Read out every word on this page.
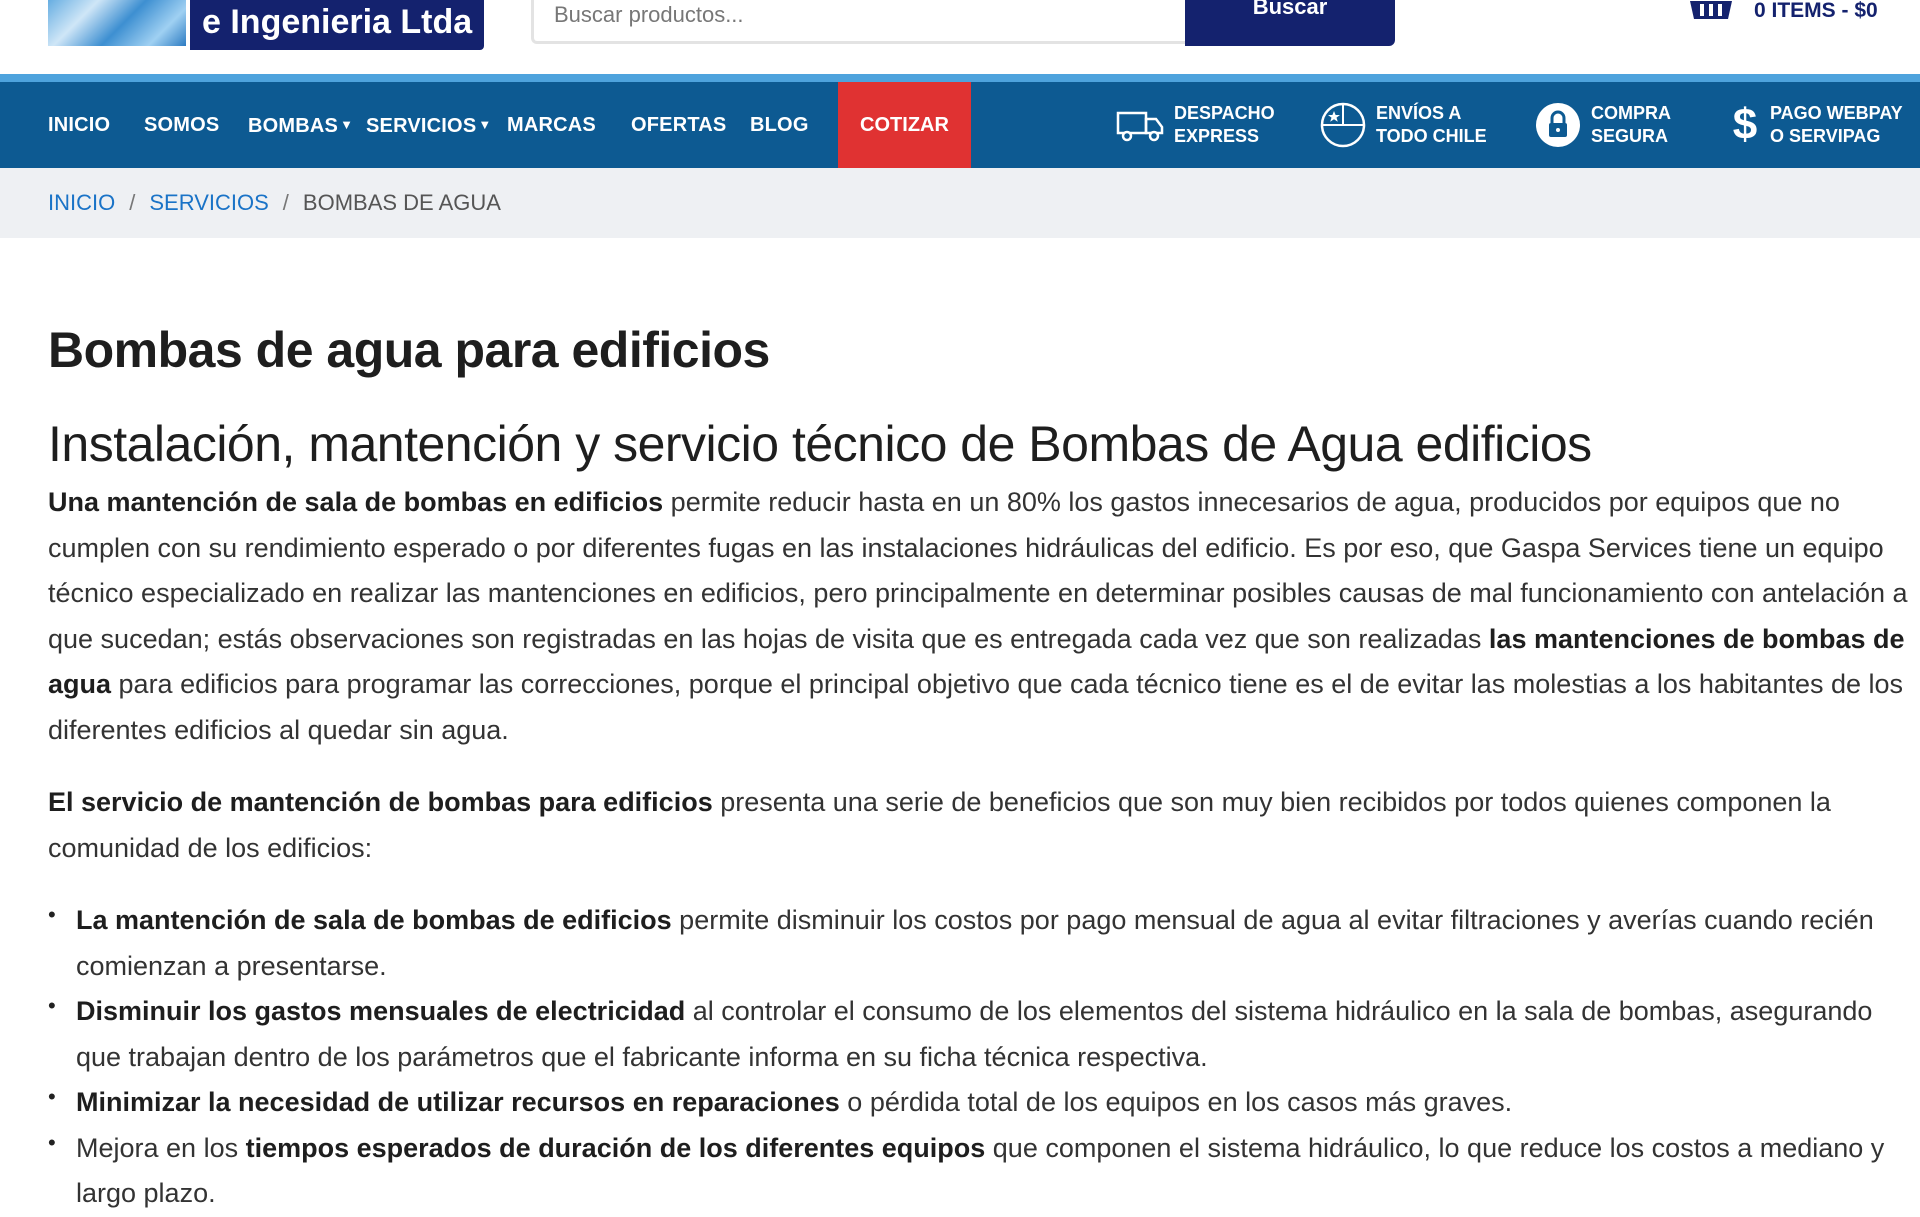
e Ingenieria Ltda	Buscar productos...	Buscar	0 ITEMS - $0
INICIO SOMOS BOMBAS ▼ SERVICIOS ▼ MARCAS OFERTAS BLOG	COTIZAR
DESPACHO
EXPRESS
ENVÍOS A
TODO CHILE
COMPRA
SEGURA $ PAGO WEBPAY
O SERVIPAG
INICIO / SERVICIOS / BOMBAS DE AGUA
Bombas de agua para edificios
Instalación, mantención y servicio técnico de Bombas de Agua edificios

Una mantención de sala de bombas en edificios permite reducir hasta en un 80% los gastos innecesarios de agua, producidos por equipos que no cumplen con su rendimiento esperado o por diferentes fugas en las instalaciones hidráulicas del edificio. Es por eso, que Gaspa Services tiene un equipo técnico especializado en realizar las mantenciones en edificios, pero principalmente en determinar posibles causas de mal funcionamiento con antelación a que sucedan; estás observaciones son registradas en las hojas de visita que es entregada cada vez que son realizadas las mantenciones de bombas de agua para edificios para programar las correcciones, porque el principal objetivo que cada técnico tiene es el de evitar las molestias a los habitantes de los diferentes edificios al quedar sin agua.

El servicio de mantención de bombas para edificios presenta una serie de beneficios que son muy bien recibidos por todos quienes componen la comunidad de los edificios:

• La mantención de sala de bombas de edificios permite disminuir los costos por pago mensual de agua al evitar filtraciones y averías cuando recién comienzan a presentarse.
• Disminuir los gastos mensuales de electricidad al controlar el consumo de los elementos del sistema hidráulico en la sala de bombas, asegurando que trabajan dentro de los parámetros que el fabricante informa en su ficha técnica respectiva.
• Minimizar la necesidad de utilizar recursos en reparaciones o pérdida total de los equipos en los casos más graves.
• Mejora en los tiempos esperados de duración de los diferentes equipos que componen el sistema hidráulico, lo que reduce los costos a mediano y largo plazo.
